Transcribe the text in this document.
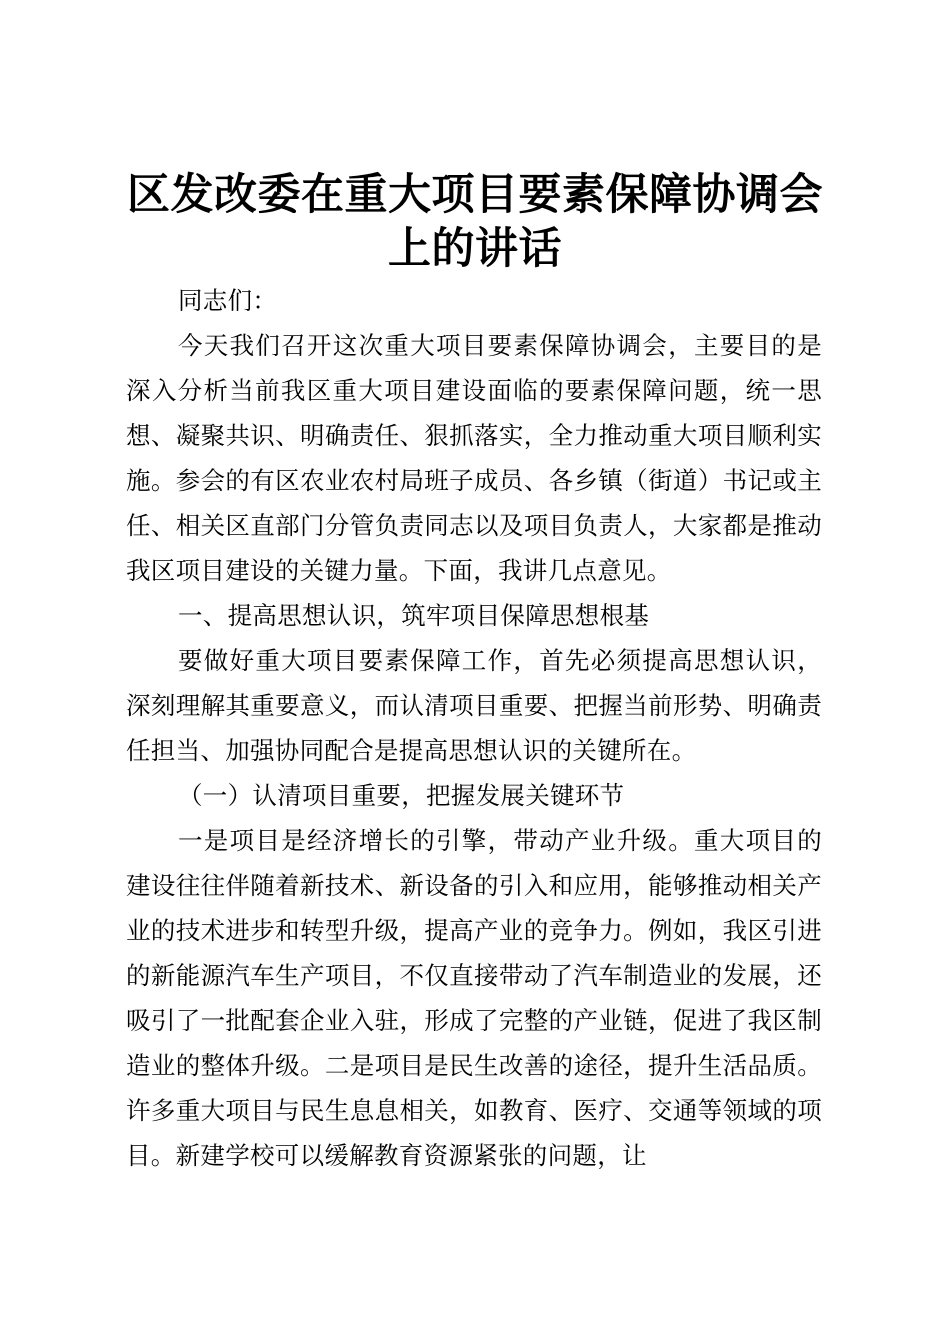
区发改委在重大项目要素保障协调会上的讲话

同志们：

今天我们召开这次重大项目要素保障协调会，主要目的是深入分析当前我区重大项目建设面临的要素保障问题，统一思想、凝聚共识、明确责任、狠抓落实，全力推动重大项目顺利实施。参会的有区农业农村局班子成员、各乡镇（街道）书记或主任、相关区直部门分管负责同志以及项目负责人，大家都是推动我区项目建设的关键力量。下面，我讲几点意见。

一、提高思想认识，筑牢项目保障思想根基

要做好重大项目要素保障工作，首先必须提高思想认识，深刻理解其重要意义，而认清项目重要、把握当前形势、明确责任担当、加强协同配合是提高思想认识的关键所在。

（一）认清项目重要，把握发展关键环节

一是项目是经济增长的引擎，带动产业升级。重大项目的建设往往伴随着新技术、新设备的引入和应用，能够推动相关产业的技术进步和转型升级，提高产业的竞争力。例如，我区引进的新能源汽车生产项目，不仅直接带动了汽车制造业的发展，还吸引了一批配套企业入驻，形成了完整的产业链，促进了我区制造业的整体升级。二是项目是民生改善的途径，提升生活品质。许多重大项目与民生息息相关，如教育、医疗、交通等领域的项目。新建学校可以缓解教育资源紧张的问题，让
